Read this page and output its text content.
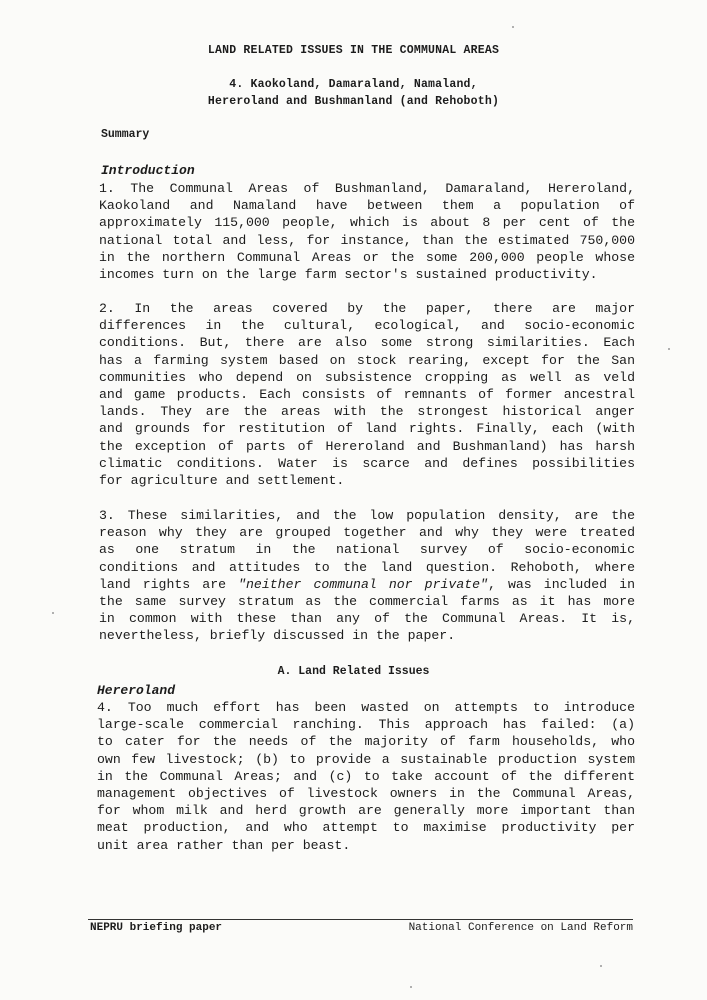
LAND RELATED ISSUES IN THE COMMUNAL AREAS
4. Kaokoland, Damaraland, Namaland,
Hereroland and Bushmanland (and Rehoboth)
Summary
Introduction
1. The Communal Areas of Bushmanland, Damaraland, Hereroland,
Kaokoland and Namaland have between them a population of
approximately 115,000 people, which is about 8 per cent of the
national total and less, for instance, than the estimated 750,000
in the northern Communal Areas or the some 200,000 people whose
incomes turn on the large farm sector's sustained productivity.
2. In the areas covered by the paper, there are major
differences in the cultural, ecological, and socio-economic
conditions. But, there are also some strong similarities. Each
has a farming system based on stock rearing, except for the San
communities who depend on subsistence cropping as well as veld
and game products. Each consists of remnants of former ancestral
lands. They are the areas with the strongest historical anger
and grounds for restitution of land rights. Finally, each (with
the exception of parts of Hereroland and Bushmanland) has harsh
climatic conditions. Water is scarce and defines possibilities
for agriculture and settlement.
3. These similarities, and the low population density, are the
reason why they are grouped together and why they were treated
as one stratum in the national survey of socio-economic
conditions and attitudes to the land question. Rehoboth, where
land rights are "neither communal nor private", was included in
the same survey stratum as the commercial farms as it has more
in common with these than any of the Communal Areas. It is,
nevertheless, briefly discussed in the paper.
A. Land Related Issues
Hereroland
4. Too much effort has been wasted on attempts to introduce
large-scale commercial ranching. This approach has failed: (a)
to cater for the needs of the majority of farm households, who
own few livestock; (b) to provide a sustainable production system
in the Communal Areas; and (c) to take account of the different
management objectives of livestock owners in the Communal Areas,
for whom milk and herd growth are generally more important than
meat production, and who attempt to maximise productivity per
unit area rather than per beast.
NEPRU briefing paper	National Conference on Land Reform
